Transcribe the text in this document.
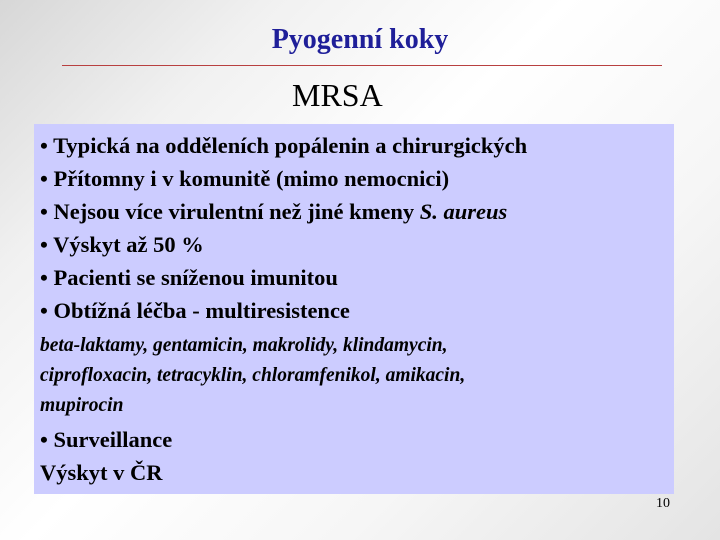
Pyogenní koky
MRSA
• Typická na odděleních popálenin a chirurgických
• Přítomny i v komunitě (mimo nemocnici)
• Nejsou více virulentní než jiné kmeny S. aureus
• Výskyt až 50 %
• Pacienti se sníženou imunitou
• Obtížná léčba - multiresistence
beta-laktamy, gentamicin, makrolidy, klindamycin,
ciprofloxacin, tetracyklin, chloramfenikol, amikacin,
mupirocin
• Surveillance
Výskyt v ČR
10
